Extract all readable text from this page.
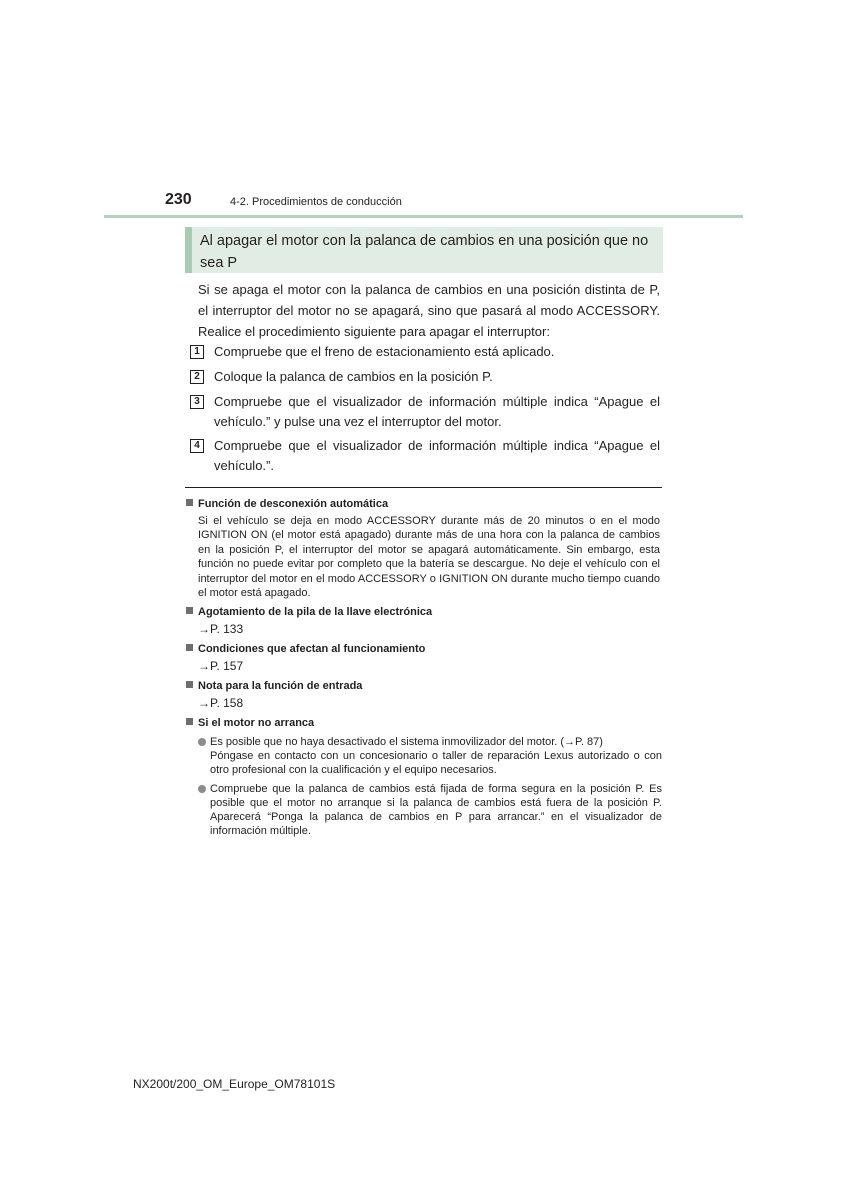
230	4-2. Procedimientos de conducción
Al apagar el motor con la palanca de cambios en una posición que no sea P
Si se apaga el motor con la palanca de cambios en una posición distinta de P, el interruptor del motor no se apagará, sino que pasará al modo ACCESSORY. Realice el procedimiento siguiente para apagar el interruptor:
1	Compruebe que el freno de estacionamiento está aplicado.
2	Coloque la palanca de cambios en la posición P.
3	Compruebe que el visualizador de información múltiple indica “Apague el vehículo.” y pulse una vez el interruptor del motor.
4	Compruebe que el visualizador de información múltiple indica “Apague el vehículo.”.
Función de desconexión automática
Si el vehículo se deja en modo ACCESSORY durante más de 20 minutos o en el modo IGNITION ON (el motor está apagado) durante más de una hora con la palanca de cambios en la posición P, el interruptor del motor se apagará automáticamente. Sin embargo, esta función no puede evitar por completo que la batería se descargue. No deje el vehículo con el interruptor del motor en el modo ACCESSORY o IGNITION ON durante mucho tiempo cuando el motor está apagado.
Agotamiento de la pila de la llave electrónica
→P. 133
Condiciones que afectan al funcionamiento
→P. 157
Nota para la función de entrada
→P. 158
Si el motor no arranca
Es posible que no haya desactivado el sistema inmovilizador del motor. (→P. 87)
Póngase en contacto con un concesionario o taller de reparación Lexus autorizado o con otro profesional con la cualificación y el equipo necesarios.
Compruebe que la palanca de cambios está fijada de forma segura en la posición P. Es posible que el motor no arranque si la palanca de cambios está fuera de la posición P. Aparecerá “Ponga la palanca de cambios en P para arrancar.” en el visualizador de información múltiple.
NX200t/200_OM_Europe_OM78101S
